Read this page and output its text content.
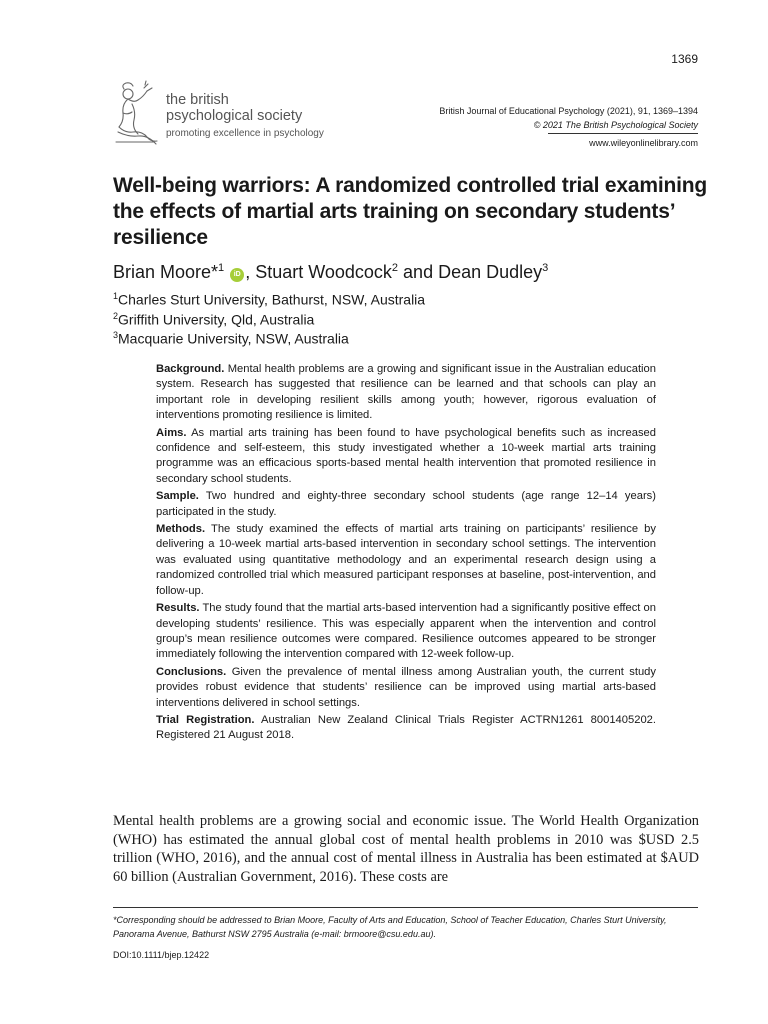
1369
the british
psychological society
promoting excellence in psychology
British Journal of Educational Psychology (2021), 91, 1369–1394
© 2021 The British Psychological Society
www.wileyonlinelibrary.com
Well-being warriors: A randomized controlled trial examining the effects of martial arts training on secondary students’ resilience
Brian Moore*$^1$ iD , Stuart Woodcock$^2$ and Dean Dudley$^3$
$^1$Charles Sturt University, Bathurst, NSW, Australia
$^2$Griffith University, Qld, Australia
$^3$Macquarie University, NSW, Australia

Background. Mental health problems are a growing and significant issue in the Australian education system. Research has suggested that resilience can be learned and that schools can play an important role in developing resilient skills among youth; however, rigorous evaluation of interventions promoting resilience is limited.

Aims. As martial arts training has been found to have psychological benefits such as increased confidence and self-esteem, this study investigated whether a 10-week martial arts training programme was an efficacious sports-based mental health intervention that promoted resilience in secondary school students.

Sample. Two hundred and eighty-three secondary school students (age range 12–14 years) participated in the study.

Methods. The study examined the effects of martial arts training on participants’ resilience by delivering a 10-week martial arts-based intervention in secondary school settings. The intervention was evaluated using quantitative methodology and an experimental research design using a randomized controlled trial which measured participant responses at baseline, post-intervention, and follow-up.

Results. The study found that the martial arts-based intervention had a significantly positive effect on developing students’ resilience. This was especially apparent when the intervention and control group’s mean resilience outcomes were compared. Resilience outcomes appeared to be stronger immediately following the intervention compared with 12-week follow-up.

Conclusions. Given the prevalence of mental illness among Australian youth, the current study provides robust evidence that students’ resilience can be improved using martial arts-based interventions delivered in school settings.

Trial Registration. Australian New Zealand Clinical Trials Register ACTRN1261 8001405202. Registered 21 August 2018.

Mental health problems are a growing social and economic issue. The World Health Organization (WHO) has estimated the annual global cost of mental health problems in 2010 was $USD 2.5 trillion (WHO, 2016), and the annual cost of mental illness in Australia has been estimated at $AUD 60 billion (Australian Government, 2016). These costs are

*Corresponding should be addressed to Brian Moore, Faculty of Arts and Education, School of Teacher Education, Charles Sturt University, Panorama Avenue, Bathurst NSW 2795 Australia (e-mail: brmoore@csu.edu.au).

DOI:10.1111/bjep.12422
